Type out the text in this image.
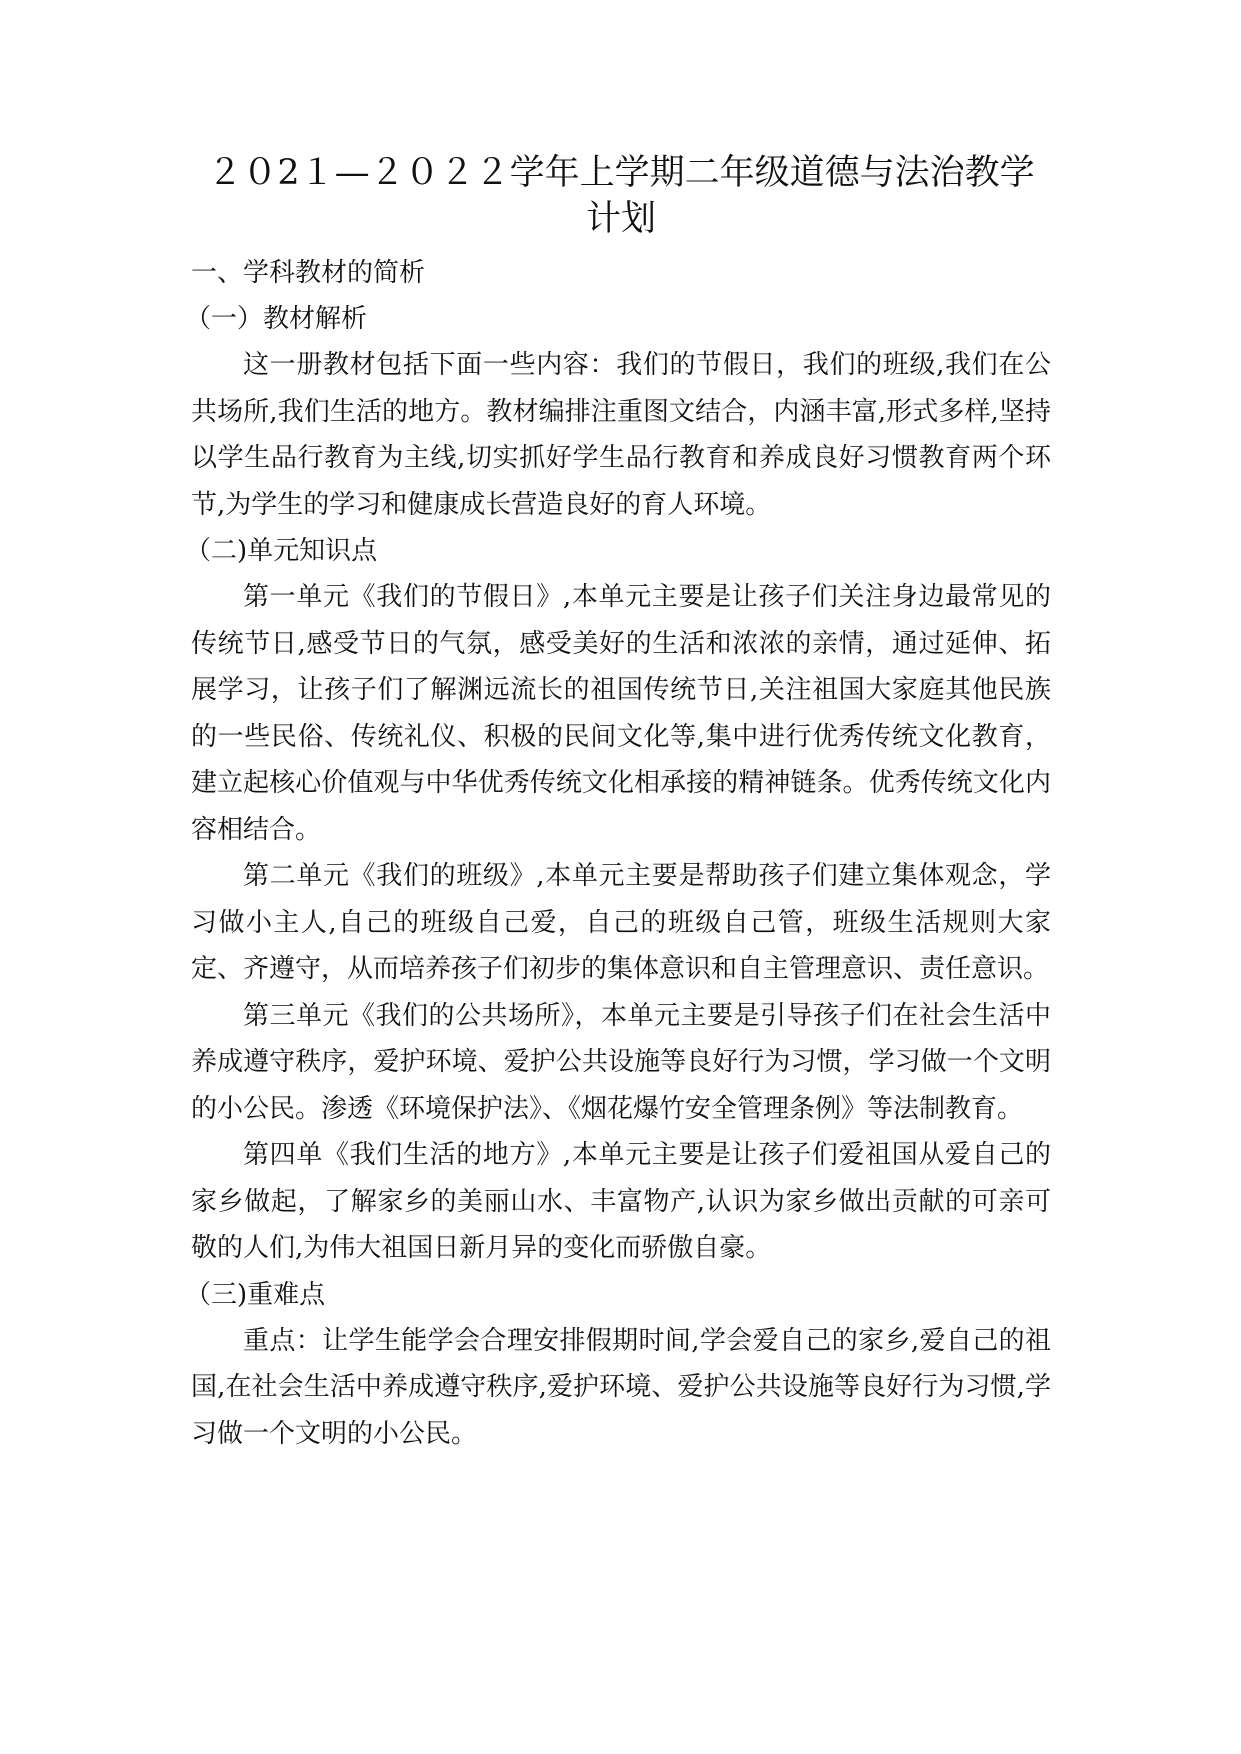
２０2１—２０２２学年上学期二年级道德与法治教学
计划

一、学科教材的简析

（一）教材解析

这一册教材包括下面一些内容：我们的节假日，我们的班级,我们在公共场所,我们生活的地方。教材编排注重图文结合，内涵丰富,形式多样,坚持以学生品行教育为主线,切实抓好学生品行教育和养成良好习惯教育两个环节,为学生的学习和健康成长营造良好的育人环境。

（二)单元知识点

第一单元《我们的节假日》,本单元主要是让孩子们关注身边最常见的传统节日,感受节日的气氛，感受美好的生活和浓浓的亲情，通过延伸、拓展学习，让孩子们了解渊远流长的祖国传统节日,关注祖国大家庭其他民族的一些民俗、传统礼仪、积极的民间文化等,集中进行优秀传统文化教育，建立起核心价值观与中华优秀传统文化相承接的精神链条。优秀传统文化内容相结合。

第二单元《我们的班级》,本单元主要是帮助孩子们建立集体观念，学习做小主人,自己的班级自己爱，自己的班级自己管，班级生活规则大家定、齐遵守，从而培养孩子们初步的集体意识和自主管理意识、责任意识。

第三单元《我们的公共场所》，本单元主要是引导孩子们在社会生活中养成遵守秩序，爱护环境、爱护公共设施等良好行为习惯，学习做一个文明的小公民。渗透《环境保护法》、《烟花爆竹安全管理条例》等法制教育。

第四单《我们生活的地方》,本单元主要是让孩子们爱祖国从爱自己的家乡做起，了解家乡的美丽山水、丰富物产,认识为家乡做出贡献的可亲可敬的人们,为伟大祖国日新月异的变化而骄傲自豪。

（三)重难点

重点：让学生能学会合理安排假期时间,学会爱自己的家乡,爱自己的祖国,在社会生活中养成遵守秩序,爱护环境、爱护公共设施等良好行为习惯,学习做一个文明的小公民。
